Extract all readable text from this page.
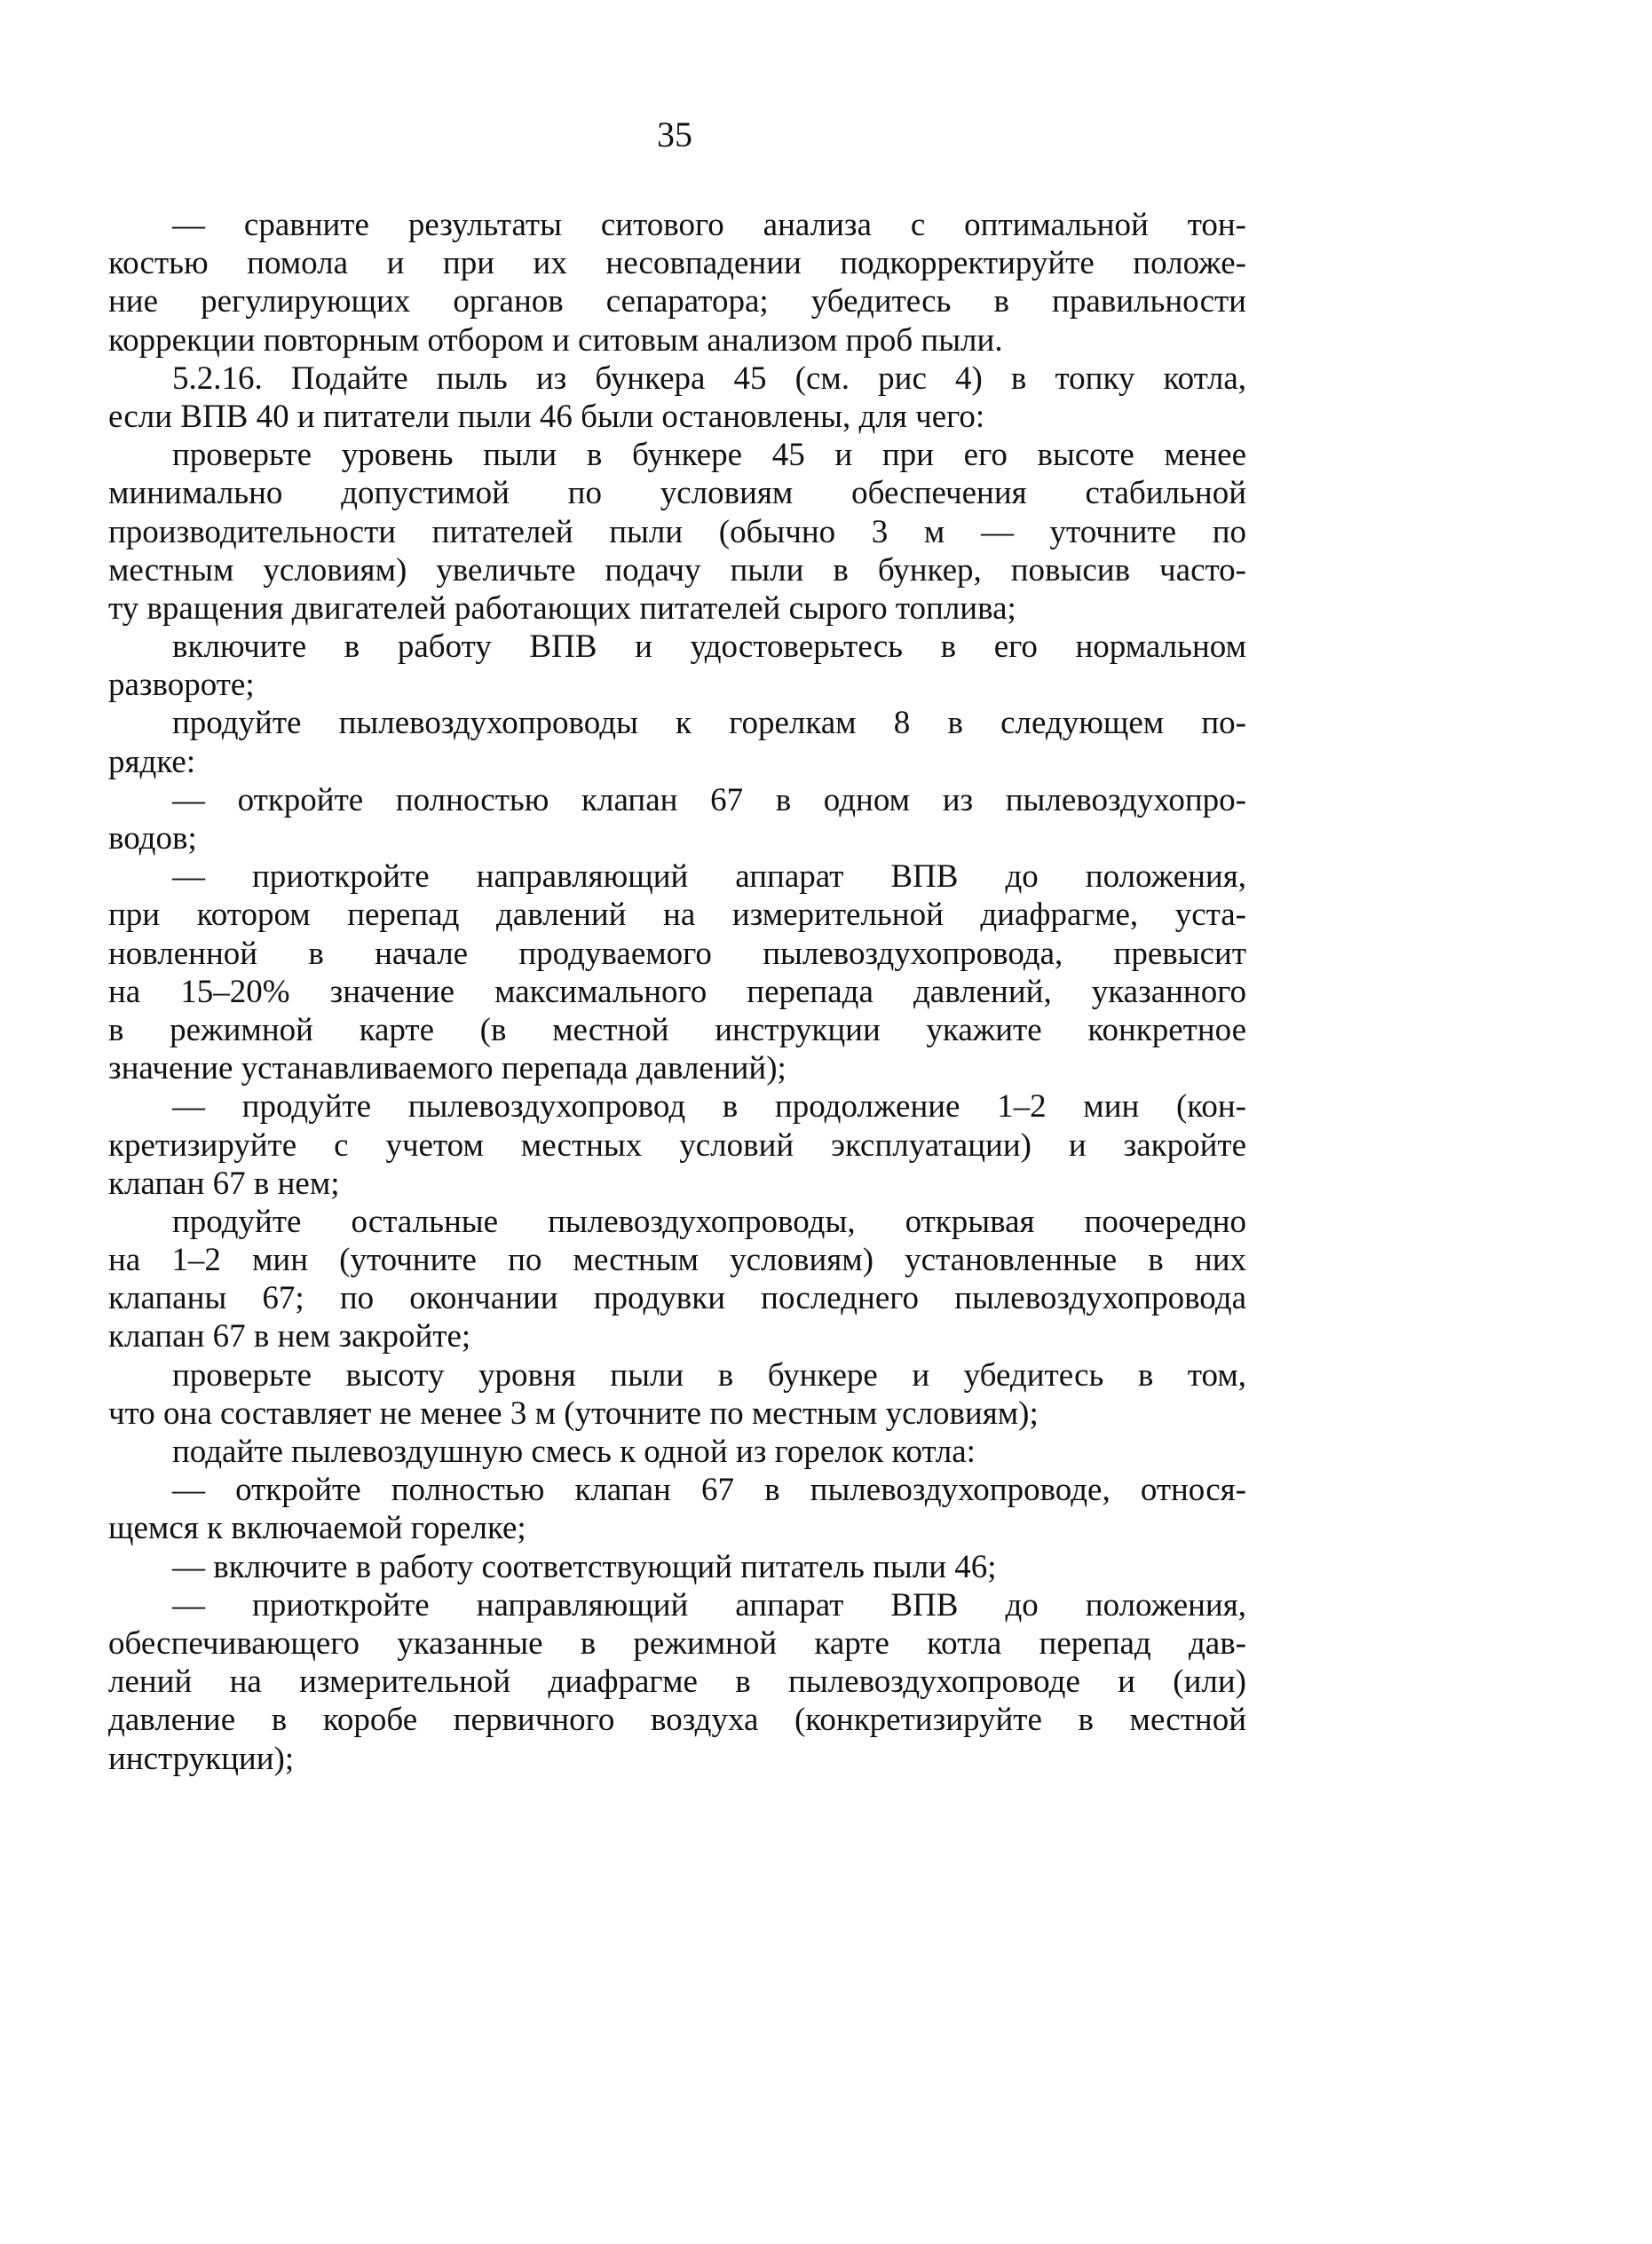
35
— сравните результаты ситового анализа с оптимальной тон-
костью помола и при их несовпадении подкорректируйте положе-
ние регулирующих органов сепаратора; убедитесь в правильности
коррекции повторным отбором и ситовым анализом проб пыли.
5.2.16. Подайте пыль из бункера 45 (см. рис 4) в топку котла,
если ВПВ 40 и питатели пыли 46 были остановлены, для чего:
проверьте уровень пыли в бункере 45 и при его высоте менее
минимально допустимой по условиям обеспечения стабильной
производительности питателей пыли (обычно 3 м — уточните по
местным условиям) увеличьте подачу пыли в бункер, повысив часто-
ту вращения двигателей работающих питателей сырого топлива;
включите в работу ВПВ и удостоверьтесь в его нормальном
развороте;
продуйте пылевоздухопроводы к горелкам 8 в следующем по-
рядке:
— откройте полностью клапан 67 в одном из пылевоздухопро-
водов;
— приоткройте направляющий аппарат ВПВ до положения,
при котором перепад давлений на измерительной диафрагме, уста-
новленной в начале продуваемого пылевоздухопровода, превысит
на 15–20% значение максимального перепада давлений, указанного
в режимной карте (в местной инструкции укажите конкретное
значение устанавливаемого перепада давлений);
— продуйте пылевоздухопровод в продолжение 1–2 мин (кон-
кретизируйте с учетом местных условий эксплуатации) и закройте
клапан 67 в нем;
продуйте остальные пылевоздухопроводы, открывая поочередно
на 1–2 мин (уточните по местным условиям) установленные в них
клапаны 67; по окончании продувки последнего пылевоздухопровода
клапан 67 в нем закройте;
проверьте высоту уровня пыли в бункере и убедитесь в том,
что она составляет не менее 3 м (уточните по местным условиям);
подайте пылевоздушную смесь к одной из горелок котла:
— откройте полностью клапан 67 в пылевоздухопроводе, относя-
щемся к включаемой горелке;
— включите в работу соответствующий питатель пыли 46;
— приоткройте направляющий аппарат ВПВ до положения,
обеспечивающего указанные в режимной карте котла перепад дав-
лений на измерительной диафрагме в пылевоздухопроводе и (или)
давление в коробе первичного воздуха (конкретизируйте в местной
инструкции);
